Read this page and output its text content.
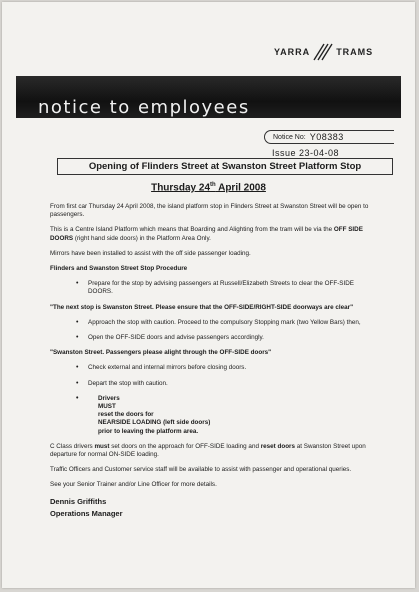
YARRA	TRAMS
notice to employees
Notice No: Y08383
Issue 23-04-08
Opening of Flinders Street at Swanston Street Platform Stop
Thursday 24th April 2008

From first car Thursday 24 April 2008, the island platform stop in Flinders Street at Swanston Street will be open to passengers.

This is a Centre Island Platform which means that Boarding and Alighting from the tram will be via the OFF SIDE DOORS (right hand side doors) in the Platform Area Only.

Mirrors have been installed to assist with the off side passenger loading.

Flinders and Swanston Street Stop Procedure

• Prepare for the stop by advising passengers at Russell/Elizabeth Streets to clear the OFF-SIDE DOORS.

"The next stop is Swanston Street. Please ensure that the OFF-SIDE/RIGHT-SIDE doorways are clear"

• Approach the stop with caution. Proceed to the compulsory Stopping mark (two Yellow Bars) then,
• Open the OFF-SIDE doors and advise passengers accordingly.

"Swanston Street. Passengers please alight through the OFF-SIDE doors"

• Check external and internal mirrors before closing doors.
• Depart the stop with caution.
• Drivers
MUST
reset the doors for
NEARSIDE LOADING (left side doors)
prior to leaving the platform area.

C Class drivers must set doors on the approach for OFF-SIDE loading and reset doors at Swanston Street upon departure for normal ON-SIDE loading.

Traffic Officers and Customer service staff will be available to assist with passenger and operational queries.

See your Senior Trainer and/or Line Officer for more details.

Dennis Griffiths
Operations Manager
